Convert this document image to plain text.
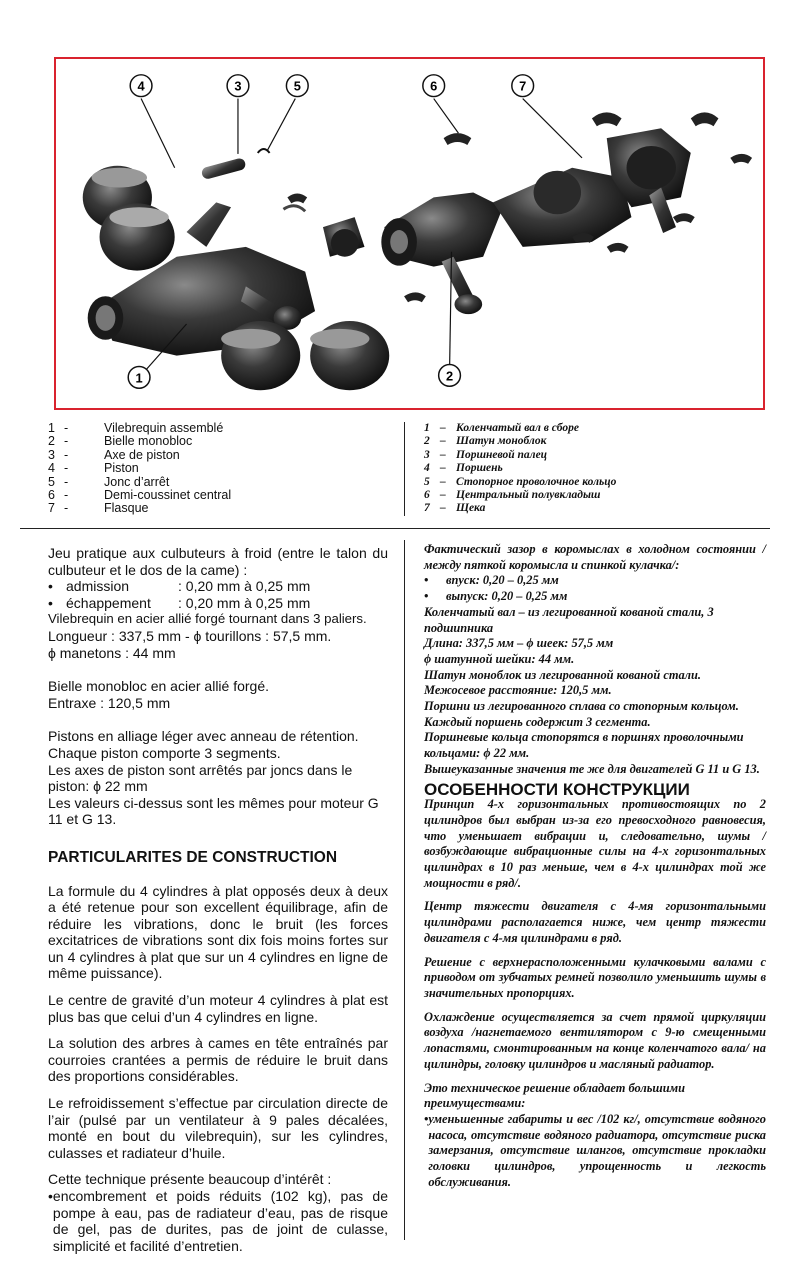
4	3	5	6	7
1	2
1 -	Vilebrequin assemblé
2 -	Bielle monobloc
3 -	Axe de piston
4 -	Piston
5 -	Jonc d’arrêt
6 -	Demi-coussinet central
7 -	Flasque
1 – Коленчатый вал в сборе
2 – Шатун моноблок
3 – Поршневой палец
4 – Поршень
5 – Стопорное проволочное кольцо
6 – Центральный полувкладыш
7 – Щека

Jeu pratique aux culbuteurs à froid (entre le talon du culbuteur et le dos de la came) :

• admission	: 0,20 mm à 0,25 mm
• échappement	: 0,20 mm à 0,25 mm

Vilebrequin en acier allié forgé tournant dans 3 paliers.

Longueur : 337,5 mm - ϕ tourillons : 57,5 mm.

ϕ manetons : 44 mm

Bielle monobloc en acier allié forgé.

Entraxe : 120,5 mm

Pistons en alliage léger avec anneau de rétention.

Chaque piston comporte 3 segments.

Les axes de piston sont arrêtés par joncs dans le piston: ϕ 22 mm

Les valeurs ci-dessus sont les mêmes pour moteur G 11 et G 13.

PARTICULARITES DE CONSTRUCTION

La formule du 4 cylindres à plat opposés deux à deux a été retenue pour son excellent équilibrage, afin de réduire les vibrations, donc le bruit (les forces excitatrices de vibrations sont dix fois moins fortes sur un 4 cylindres à plat que sur un 4 cylindres en ligne de même puissance).

Le centre de gravité d’un moteur 4 cylindres à plat est plus bas que celui d’un 4 cylindres en ligne.

La solution des arbres à cames en tête entraînés par courroies crantées a permis de réduire le bruit dans des proportions considérables.

Le refroidissement s’effectue par circulation directe de l’air (pulsé par un ventilateur à 9 pales décalées, monté en bout du vilebrequin), sur les cylindres, culasses et radiateur d’huile.

Cette technique présente beaucoup d’intérêt :

• encombrement et poids réduits (102 kg), pas de pompe à eau, pas de radiateur d’eau, pas de risque de gel, pas de durites, pas de joint de culasse, simplicité et facilité d’entretien.

Фактический зазор в коромыслах в холодном состоянии /между пяткой коромысла и спинкой кулачка/:

•	впуск: 0,20 – 0,25 мм
•	выпуск: 0,20 – 0,25 мм

Коленчатый вал – из легированной кованой стали, 3 подшипника

Длина: 337,5 мм – ϕ шеек: 57,5 мм

ϕ шатунной шейки: 44 мм.

Шатун моноблок из легированной кованой стали.

Межосевое расстояние: 120,5 мм.

Поршни из легированного сплава со стопорным кольцом.

Каждый поршень содержит 3 сегмента.

Поршневые кольца стопорятся в поршнях проволочными кольцами: ϕ 22 мм.

Вышеуказанные значения те же для двигателей G 11 и G 13.

ОСОБЕННОСТИ КОНСТРУКЦИИ

Принцип 4-х горизонтальных противостоящих по 2 цилиндров был выбран из-за его превосходного равновесия, что уменьшает вибрации и, следовательно, шумы /возбуждающие вибрационные силы на 4-х горизонтальных цилиндрах в 10 раз меньше, чем в 4-х цилиндрах той же мощности в ряд/.

Центр тяжести двигателя с 4-мя горизонтальными цилиндрами располагается ниже, чем центр тяжести двигателя с 4-мя цилиндрами в ряд.

Решение с верхнерасположенными кулачковыми валами с приводом от зубчатых ремней позволило уменьшить шумы в значительных пропорциях.

Охлаждение осуществляется за счет прямой циркуляции воздуха /нагнетаемого вентилятором с 9-ю смещенными лопастями, смонтированным на конце коленчатого вала/ на цилиндры, головку цилиндров и масляный радиатор.

Это техническое решение обладает большими преимуществами:

• уменьшенные габариты и вес /102 кг/, отсутствие водяного насоса, отсутствие водяного радиатора, отсутствие риска замерзания, отсутствие шлангов, отсутствие прокладки головки цилиндров, упрощенность и легкость обслуживания.
